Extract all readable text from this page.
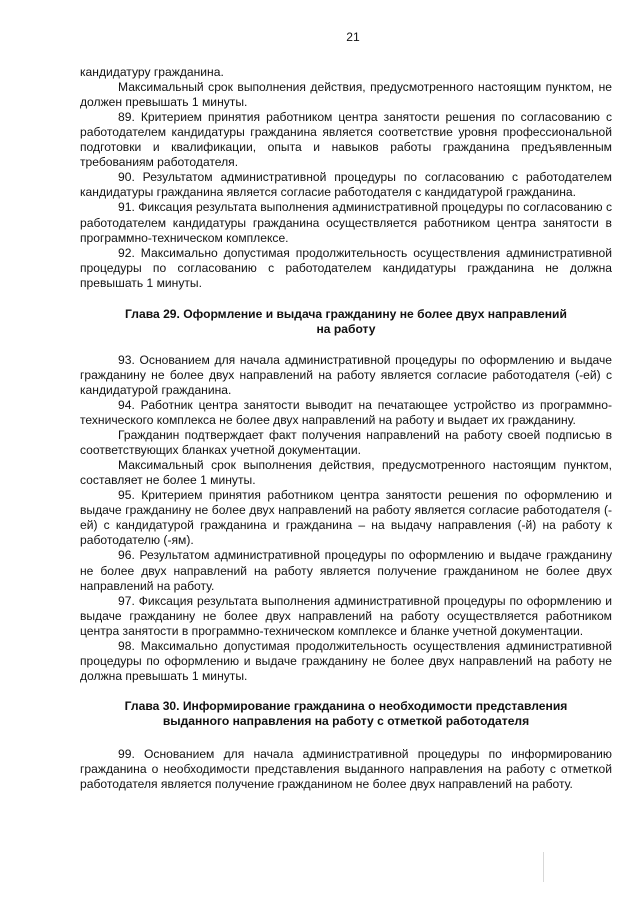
21

кандидатуру гражданина.

Максимальный срок выполнения действия, предусмотренного настоящим пунктом, не должен превышать 1 минуты.

89. Критерием принятия работником центра занятости решения по согласованию с работодателем кандидатуры гражданина является соответствие уровня профессиональной подготовки и квалификации, опыта и навыков работы гражданина предъявленным требованиям работодателя.

90. Результатом административной процедуры по согласованию с работодателем кандидатуры гражданина является согласие работодателя с кандидатурой гражданина.

91. Фиксация результата выполнения административной процедуры по согласованию с работодателем кандидатуры гражданина осуществляется работником центра занятости в программно-техническом комплексе.

92. Максимально допустимая продолжительность осуществления административной процедуры по согласованию с работодателем кандидатуры гражданина не должна превышать 1 минуты.

Глава 29. Оформление и выдача гражданину не более двух направлений
на работу

93. Основанием для начала административной процедуры по оформлению и выдаче гражданину не более двух направлений на работу является согласие работодателя (-ей) с кандидатурой гражданина.

94. Работник центра занятости выводит на печатающее устройство из программно-технического комплекса не более двух направлений на работу и выдает их гражданину.

Гражданин подтверждает факт получения направлений на работу своей подписью в соответствующих бланках учетной документации.

Максимальный срок выполнения действия, предусмотренного настоящим пунктом, составляет не более 1 минуты.

95. Критерием принятия работником центра занятости решения по оформлению и выдаче гражданину не более двух направлений на работу является согласие работодателя (-ей) с кандидатурой гражданина и гражданина – на выдачу направления (-й) на работу к работодателю (-ям).

96. Результатом административной процедуры по оформлению и выдаче гражданину не более двух направлений на работу является получение гражданином не более двух направлений на работу.

97. Фиксация результата выполнения административной процедуры по оформлению и выдаче гражданину не более двух направлений на работу осуществляется работником центра занятости в программно-техническом комплексе и бланке учетной документации.

98. Максимально допустимая продолжительность осуществления административной процедуры по оформлению и выдаче гражданину не более двух направлений на работу не должна превышать 1 минуты.

Глава 30. Информирование гражданина о необходимости представления
выданного направления на работу с отметкой работодателя

99. Основанием для начала административной процедуры по информированию гражданина о необходимости представления выданного направления на работу с отметкой работодателя является получение гражданином не более двух направлений на работу.
